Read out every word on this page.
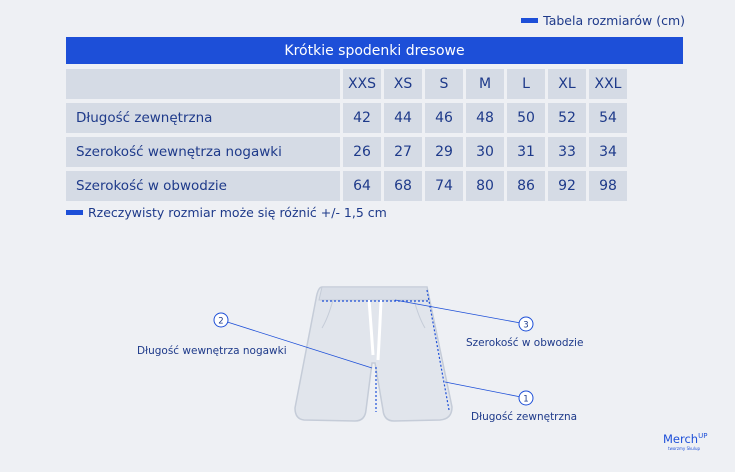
Tabela rozmiarów (cm)
Krótkie spodenki dresowe
XXS	XS	S	M	L	XL	XXL
Długość zewnętrzna	42	44	46	48	50	52	54
Szerokość wewnętrza nogawki	26	27	29	30	31	33	34
Szerokość w obwodzie	64	68	74	80	86	92	98
Rzeczywisty rozmiar może się różnić +/- 1,5 cm
2	3
1
Długość wewnętrza nogawki
Szerokość w obwodzie
Długość zewnętrzna
Merch$^{UP}$
tworzmy Skulup
